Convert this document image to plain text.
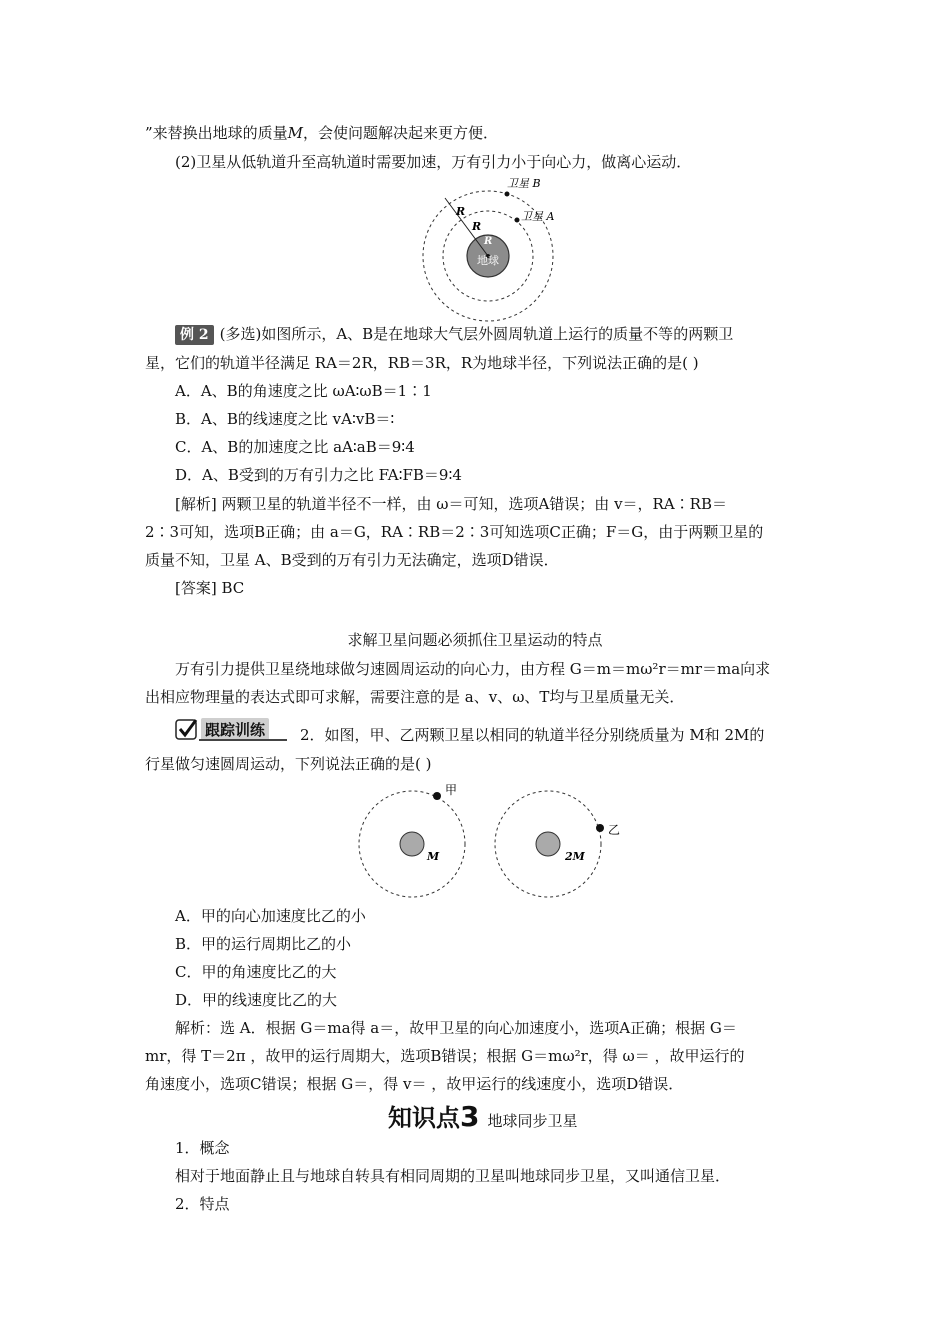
”来替换出地球的质量M，会使问题解决起来更方便．
(2)卫星从低轨道升至高轨道时需要加速，万有引力小于向心力，做离心运动．
卫星 B
卫星 A
R
R
R
地球
例 2 (多选)如图所示，A、B是在地球大气层外圆周轨道上运行的质量不等的两颗卫
星，它们的轨道半径满足 RA＝2R，RB＝3R，R为地球半径，下列说法正确的是( )
A．A、B的角速度之比 ωA∶ωB＝1∶1
B．A、B的线速度之比 vA∶vB＝∶
C．A、B的加速度之比 aA∶aB＝9∶4
D．A、B受到的万有引力之比 FA∶FB＝9∶4
[解析] 两颗卫星的轨道半径不一样，由 ω＝可知，选项A错误；由 v＝，RA∶RB＝
2∶3可知，选项B正确；由 a＝G，RA∶RB＝2∶3可知选项C正确；F＝G，由于两颗卫星的
质量不知，卫星 A、B受到的万有引力无法确定，选项D错误．
[答案] BC
求解卫星问题必须抓住卫星运动的特点
万有引力提供卫星绕地球做匀速圆周运动的向心力，由方程 G＝m＝mω²r＝mr＝ma向求
出相应物理量的表达式即可求解，需要注意的是 a、v、ω、T均与卫星质量无关．
跟踪训练 2．如图，甲、乙两颗卫星以相同的轨道半径分别绕质量为 M和 2M的
行星做匀速圆周运动，下列说法正确的是( )
甲
M
乙
2M
A．甲的向心加速度比乙的小
B．甲的运行周期比乙的小
C．甲的角速度比乙的大
D．甲的线速度比乙的大
解析：选 A．根据 G＝ma得 a＝，故甲卫星的向心加速度小，选项A正确；根据 G＝
mr，得 T＝2π ，故甲的运行周期大，选项B错误；根据 G＝mω²r，得 ω＝ ，故甲运行的
角速度小，选项C错误；根据 G＝，得 v＝ ，故甲运行的线速度小，选项D错误．
知识点3 地球同步卫星
1．概念
相对于地面静止且与地球自转具有相同周期的卫星叫地球同步卫星，又叫通信卫星．
2．特点
